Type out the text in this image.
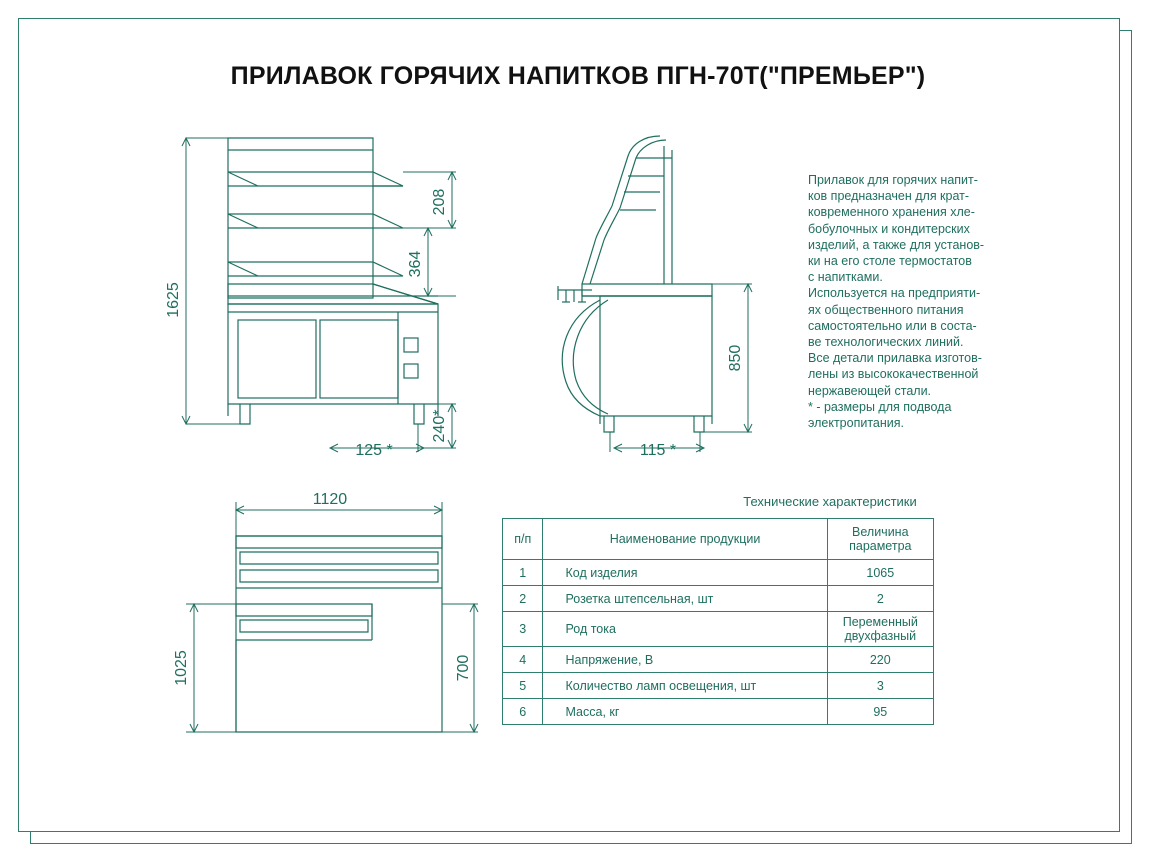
ПРИЛАВОК ГОРЯЧИХ НАПИТКОВ ПГН-70Т("ПРЕМЬЕР")
1625
208
364
240*
125 *
850
115 *
1120
1025	700

Прилавок для горячих напит-

ков предназначен для крат-

ковременного хранения хле-

бобулочных и кондитерских

изделий, а также для установ-

ки на его столе термостатов

с напитками.

Используется на предприяти-

ях общественного питания

самостоятельно или в соста-

ве технологических линий.

Все детали прилавка изготов-

лены из высококачественной

нержавеющей стали.

* - размеры для подвода

электропитания.

Технические характеристики
п/п	Наименование продукции	Величина
параметра
1	Код изделия	1065
2	Розетка штепсельная, шт	2
3	Род тока	Переменный
двухфазный
4	Напряжение, В	220
5	Количество ламп освещения, шт	3
6	Масса, кг	95
